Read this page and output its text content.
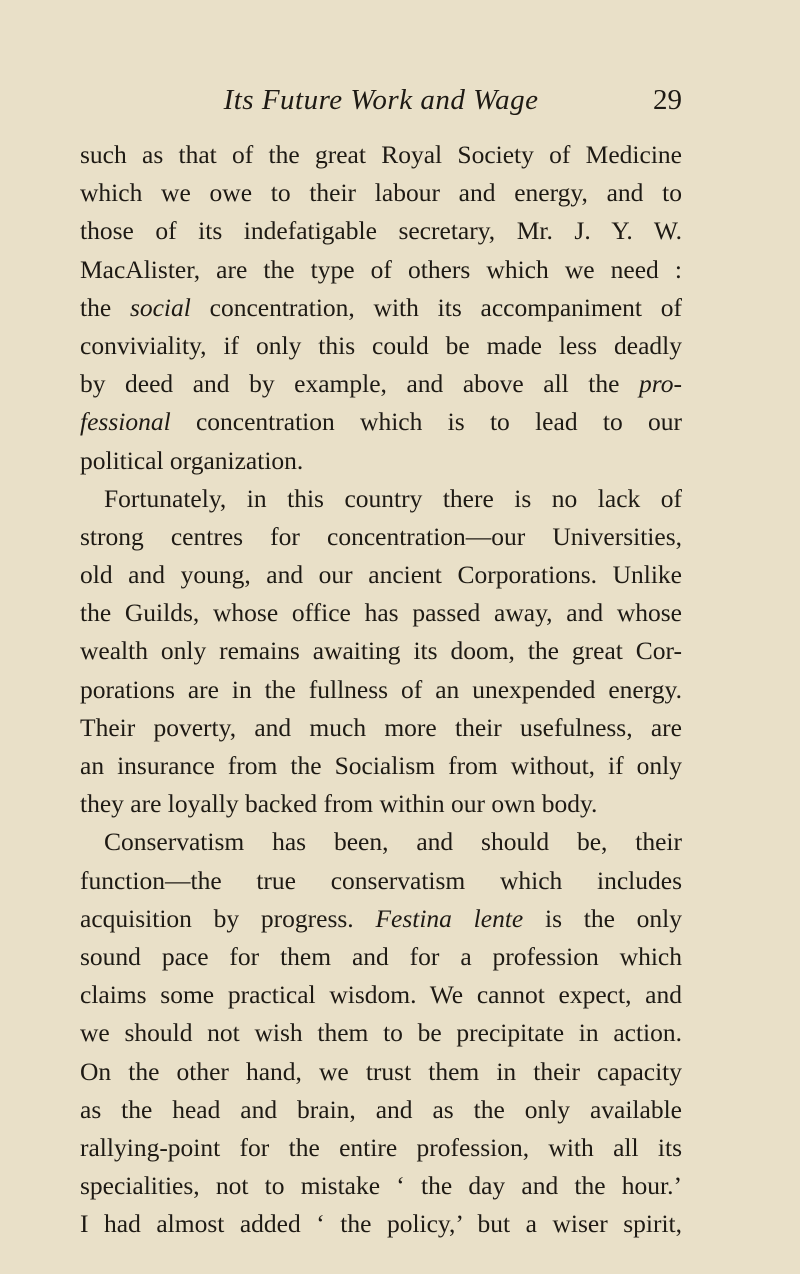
Its Future Work and Wage	29
such as that of the great Royal Society of Medicine
which we owe to their labour and energy, and to
those of its indefatigable secretary, Mr. J. Y. W.
MacAlister, are the type of others which we need :
the social concentration, with its accompaniment of
conviviality, if only this could be made less deadly
by deed and by example, and above all the pro-
fessional concentration which is to lead to our
political organization.
Fortunately, in this country there is no lack of
strong centres for concentration—our Universities,
old and young, and our ancient Corporations. Unlike
the Guilds, whose office has passed away, and whose
wealth only remains awaiting its doom, the great Cor-
porations are in the fullness of an unexpended energy.
Their poverty, and much more their usefulness, are
an insurance from the Socialism from without, if only
they are loyally backed from within our own body.
Conservatism has been, and should be, their
function—the true conservatism which includes
acquisition by progress. Festina lente is the only
sound pace for them and for a profession which
claims some practical wisdom. We cannot expect, and
we should not wish them to be precipitate in action.
On the other hand, we trust them in their capacity
as the head and brain, and as the only available
rallying-point for the entire profession, with all its
specialities, not to mistake ‘ the day and the hour.’
I had almost added ‘ the policy,’ but a wiser spirit,
